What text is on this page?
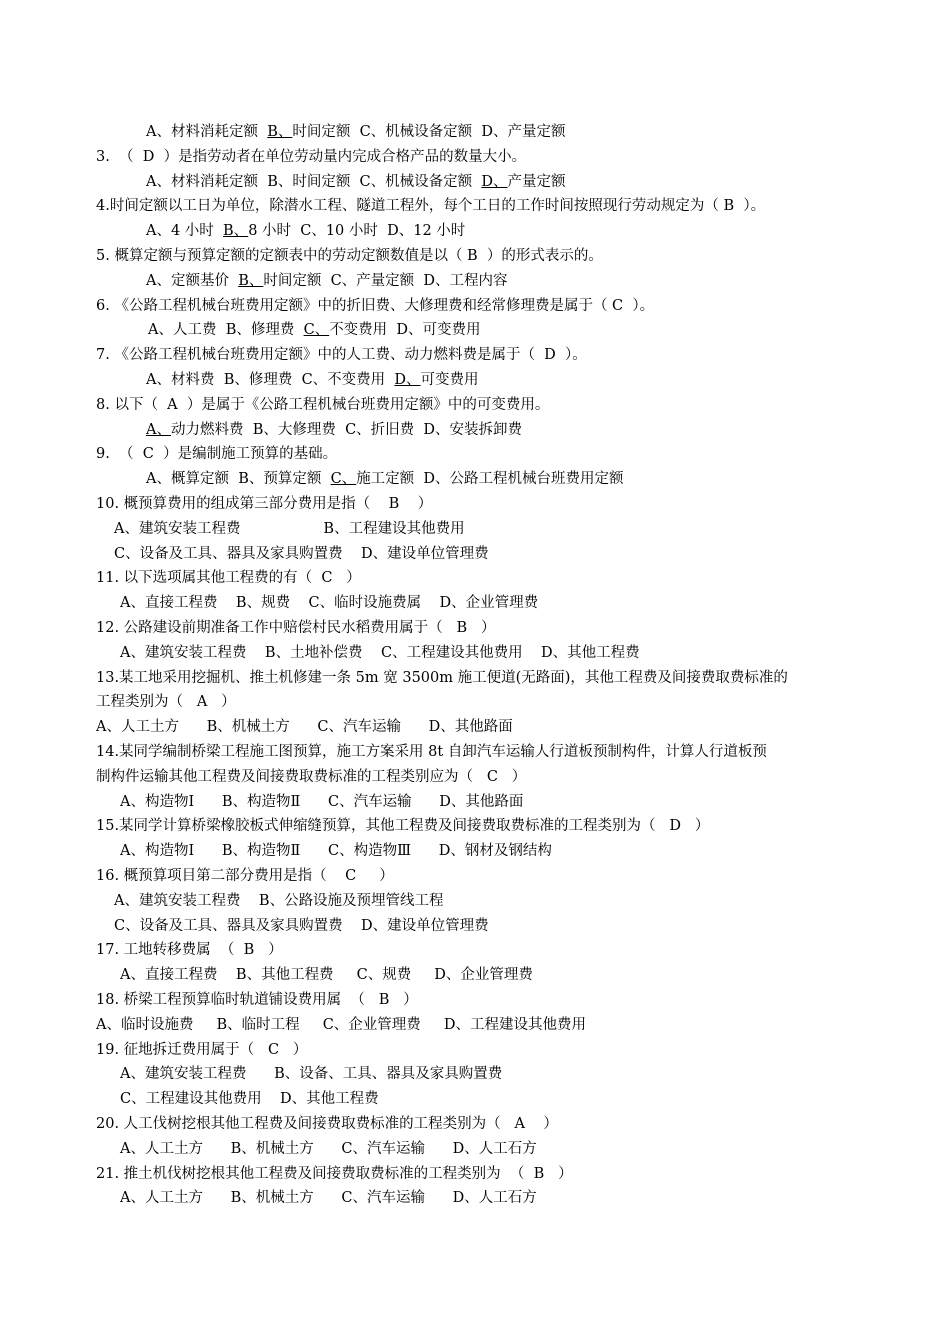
A、材料消耗定额  B、时间定额  C、机械设备定额  D、产量定额
3.  （  D  ）是指劳动者在单位劳动量内完成合格产品的数量大小。
A、材料消耗定额  B、时间定额  C、机械设备定额  D、产量定额
4.时间定额以工日为单位，除潜水工程、隧道工程外，每个工日的工作时间按照现行劳动规定为（ B  ）。
A、4 小时  B、8 小时  C、10 小时  D、12 小时
5. 概算定额与预算定额的定额表中的劳动定额数值是以（ B  ）的形式表示的。
A、定额基价  B、时间定额  C、产量定额  D、工程内容
6. 《公路工程机械台班费用定额》中的折旧费、大修理费和经常修理费是属于（ C  ）。
A、人工费  B、修理费  C、不变费用  D、可变费用
7. 《公路工程机械台班费用定额》中的人工费、动力燃料费是属于（  D  ）。
A、材料费  B、修理费  C、不变费用  D、可变费用
8. 以下（  A  ）是属于《公路工程机械台班费用定额》中的可变费用。
A、动力燃料费  B、大修理费  C、折旧费  D、安装拆卸费
9.  （  C  ）是编制施工预算的基础。
A、概算定额  B、预算定额  C、施工定额  D、公路工程机械台班费用定额
10. 概预算费用的组成第三部分费用是指（    B    ）
A、建筑安装工程费                  B、工程建设其他费用
C、设备及工具、器具及家具购置费    D、建设单位管理费
11. 以下选项属其他工程费的有（  C   ）
A、直接工程费    B、规费    C、临时设施费属    D、企业管理费
12. 公路建设前期准备工作中赔偿村民水稻费用属于（   B   ）
A、建筑安装工程费    B、土地补偿费    C、工程建设其他费用    D、其他工程费
13.某工地采用挖掘机、推土机修建一条 5m 宽 3500m 施工便道(无路面)，其他工程费及间接费取费标准的
工程类别为（   A   ）
A、人工土方      B、机械土方      C、汽车运输      D、其他路面
14.某同学编制桥梁工程施工图预算，施工方案采用 8t 自卸汽车运输人行道板预制构件，计算人行道板预
制构件运输其他工程费及间接费取费标准的工程类别应为（   C   ）
A、构造物Ⅰ      B、构造物Ⅱ      C、汽车运输      D、其他路面
15.某同学计算桥梁橡胶板式伸缩缝预算，其他工程费及间接费取费标准的工程类别为（   D   ）
A、构造物Ⅰ      B、构造物Ⅱ      C、构造物Ⅲ      D、钢材及钢结构
16. 概预算项目第二部分费用是指（    C     ）
A、建筑安装工程费    B、公路设施及预埋管线工程
C、设备及工具、器具及家具购置费    D、建设单位管理费
17. 工地转移费属  （  B   ）
A、直接工程费    B、其他工程费     C、规费     D、企业管理费
18. 桥梁工程预算临时轨道铺设费用属  （   B   ）
A、临时设施费     B、临时工程     C、企业管理费     D、工程建设其他费用
19. 征地拆迁费用属于（   C   ）
A、建筑安装工程费      B、设备、工具、器具及家具购置费
C、工程建设其他费用    D、其他工程费
20. 人工伐树挖根其他工程费及间接费取费标准的工程类别为（   A    ）
A、人工土方      B、机械土方      C、汽车运输      D、人工石方
21. 推土机伐树挖根其他工程费及间接费取费标准的工程类别为  （  B   ）
A、人工土方      B、机械土方      C、汽车运输      D、人工石方
